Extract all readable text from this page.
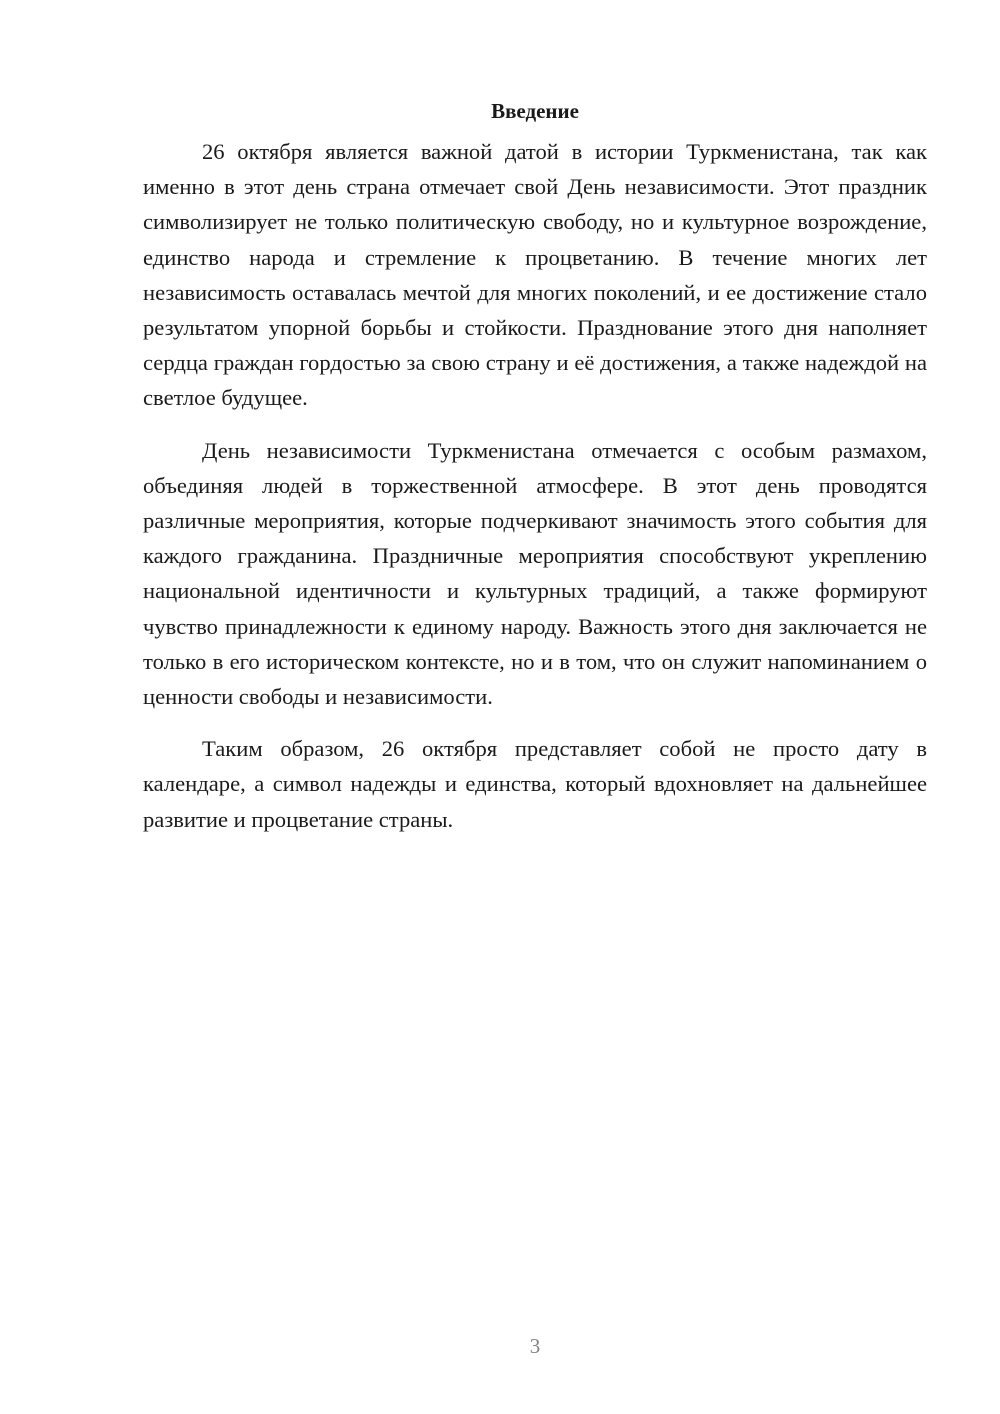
Введение

26 октября является важной датой в истории Туркменистана, так как именно в этот день страна отмечает свой День независимости. Этот праздник символизирует не только политическую свободу, но и культурное возрождение, единство народа и стремление к процветанию. В течение многих лет независимость оставалась мечтой для многих поколений, и ее достижение стало результатом упорной борьбы и стойкости. Празднование этого дня наполняет сердца граждан гордостью за свою страну и её достижения, а также надеждой на светлое будущее.

День независимости Туркменистана отмечается с особым размахом, объединяя людей в торжественной атмосфере. В этот день проводятся различные мероприятия, которые подчеркивают значимость этого события для каждого гражданина. Праздничные мероприятия способствуют укреплению национальной идентичности и культурных традиций, а также формируют чувство принадлежности к единому народу. Важность этого дня заключается не только в его историческом контексте, но и в том, что он служит напоминанием о ценности свободы и независимости.

Таким образом, 26 октября представляет собой не просто дату в календаре, а символ надежды и единства, который вдохновляет на дальнейшее развитие и процветание страны.

3
